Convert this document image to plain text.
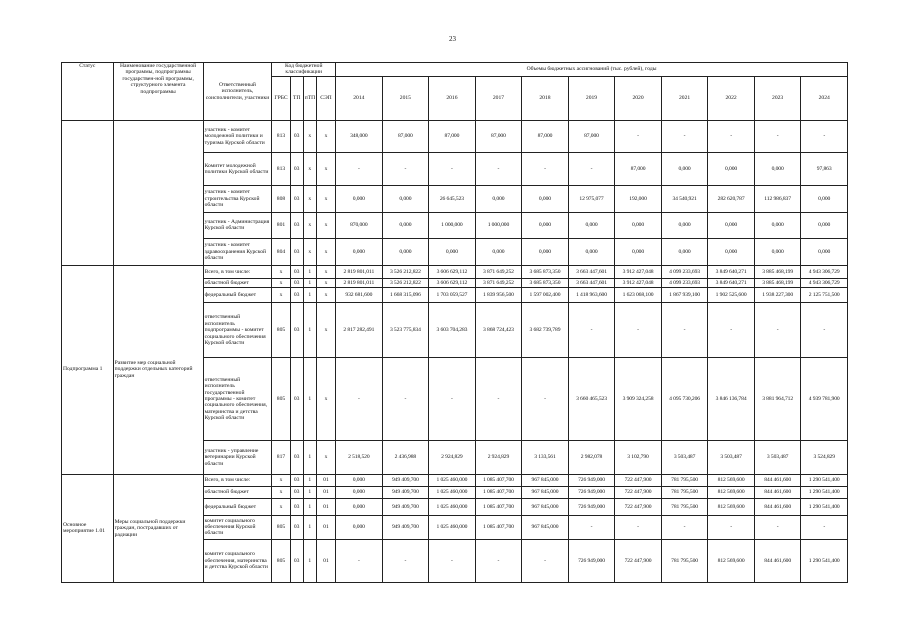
23
Статус	Наименование государственной программы, подпрограммы государствен-ной программы, структурного элемента подпрограммы	Ответственный исполнитель, соисполнители, участники	Код бюджетной классификации				Объемы бюджетных ассигнований (тыс. рублей), годы										
			ГРБС	ТП	пТП	СЭП	2014	2015	2016	2017	2018	2019	2020	2021	2022	2023	2024
		участник - комитет молодежной политики и туризма Курской области	813	03	х	х	348,000	87,000	87,000	87,000	87,000	87,000	-	-	-	-	-
		Комитет молодежной политики Курской области	813	03	х	х	-	-	-	-	-	-	87,000	0,000	0,000	0,000	97,863
		участник - комитет строительства Курской области	808	03	х	х	0,000	0,000	26 645,523	0,000	0,000	12 975,077	192,000	34 540,921	282 620,787	112 986,837	0,000
		участник - Администрация Курской области	801	03	х	х	870,000	0,000	1 000,000	1 000,000	0,000	0,000	0,000	0,000	0,000	0,000	0,000
		участник - комитет здравоохранения Курской области	804	03	х	х	0,000	0,000	0,000	0,000	0,000	0,000	0,000	0,000	0,000	0,000	0,000
Подпрограмма 1	Развитие мер социальной поддержки отдельных категорий граждан	Всего, в том числе:	х	03	1	х	2 819 801,011	3 526 212,822	3 606 629,112	3 871 649,252	3 685 873,350	3 663 447,601	3 912 427,048	4 099 233,693	3 849 640,271	3 885 468,199	4 943 306,729
		областной бюджет	х	03	1	х	2 819 801,011	3 526 212,822	3 606 629,112	3 871 649,252	3 685 873,350	3 663 447,601	3 912 427,048	4 099 233,693	3 849 640,271	3 885 468,199	4 943 306,729
		федеральный бюджет	х	03	1	х	932 681,600	1 668 315,096	1 703 059,527	1 839 956,500	1 597 002,400	1 418 963,600	1 623 068,100	1 867 939,100	1 902 525,600	1 938 227,300	2 125 751,500
		ответственный исполнитель подпрограммы - комитет социального обеспечения Курской области	805	03	1	х	2 817 282,491	3 523 775,834	3 603 704,283	3 868 724,423	3 682 739,789	-	-	-	-	-	-
		ответственный исполнитель государственной программы - комитет социального обеспечения, материнства и детства Курской области	805	03	1	х	-	-	-	-	-	3 660 465,523	3 909 324,258	4 095 730,206	3 846 136,784	3 881 964,712	4 939 781,900
		участник - управление ветеринарии Курской области	817	03	1	х	2 518,520	2 436,988	2 924,829	2 924,829	3 133,561	2 982,078	3 102,790	3 503,487	3 503,487	3 503,487	3 524,829
Основное мероприятие 1.01	Меры социальной поддержки граждан, пострадавших от радиации	Всего, в том числе:	х	03	1	01	0,000	949 409,700	1 025 460,000	1 085 407,700	967 845,000	726 949,000	722 447,900	781 795,500	812 569,600	844 461,600	1 290 541,400
		областной бюджет	х	03	1	01	0,000	949 409,700	1 025 460,000	1 085 407,700	967 845,000	726 949,000	722 447,900	781 795,500	812 569,600	844 461,600	1 290 541,400
		федеральный бюджет	х	03	1	01	0,000	949 409,700	1 025 460,000	1 085 407,700	967 845,000	726 949,000	722 447,900	781 795,500	812 569,600	844 461,600	1 290 541,400
		комитет социального обеспечения Курской области	805	03	1	01	0,000	949 409,700	1 025 460,000	1 085 407,700	967 845,000	-	-	-	-	-	-
		комитет социального обеспечения, материнства и детства Курской области	805	03	1	01	-	-	-	-	-	726 949,000	722 447,900	781 795,500	812 569,600	844 461,600	1 290 541,400
